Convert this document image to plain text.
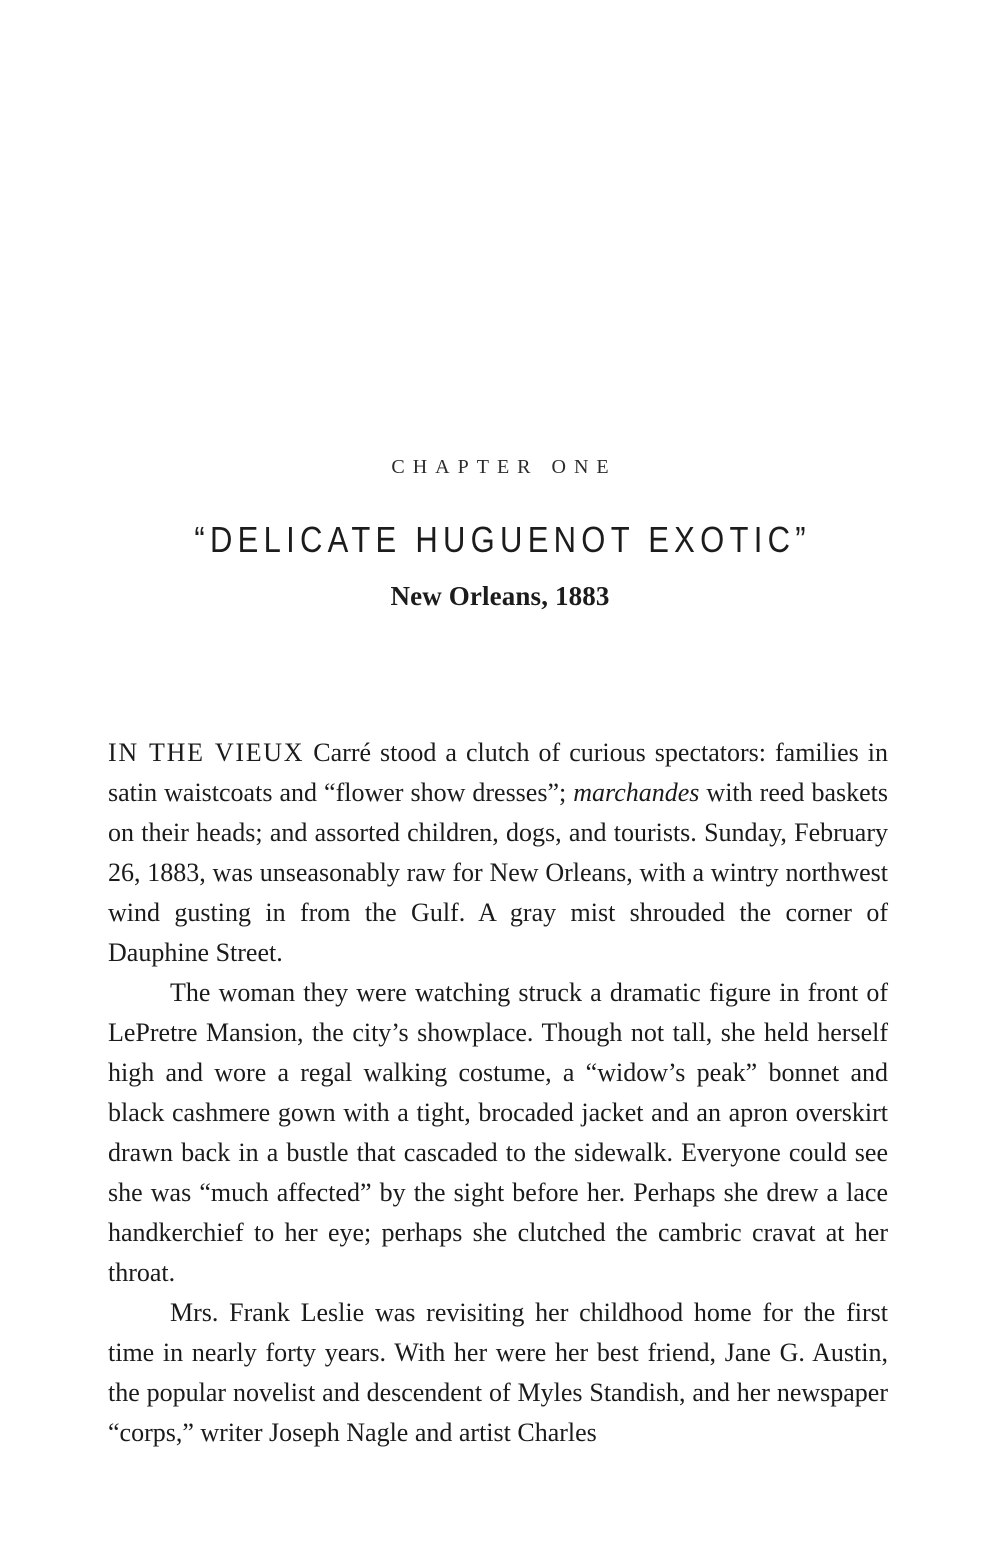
CHAPTER ONE
“DELICATE HUGUENOT EXOTIC”
New Orleans, 1883

IN THE VIEUX Carré stood a clutch of curious spectators: families in satin waistcoats and “flower show dresses”; marchandes with reed baskets on their heads; and assorted children, dogs, and tourists. Sunday, February 26, 1883, was unseasonably raw for New Orleans, with a wintry northwest wind gusting in from the Gulf. A gray mist shrouded the corner of Dauphine Street.

The woman they were watching struck a dramatic figure in front of LePretre Mansion, the city’s showplace. Though not tall, she held herself high and wore a regal walking costume, a “widow’s peak” bonnet and black cashmere gown with a tight, brocaded jacket and an apron overskirt drawn back in a bustle that cascaded to the sidewalk. Everyone could see she was “much affected” by the sight before her. Perhaps she drew a lace handkerchief to her eye; perhaps she clutched the cambric cravat at her throat.

Mrs. Frank Leslie was revisiting her childhood home for the first time in nearly forty years. With her were her best friend, Jane G. Austin, the popular novelist and descendent of Myles Standish, and her newspaper “corps,” writer Joseph Nagle and artist Charles
